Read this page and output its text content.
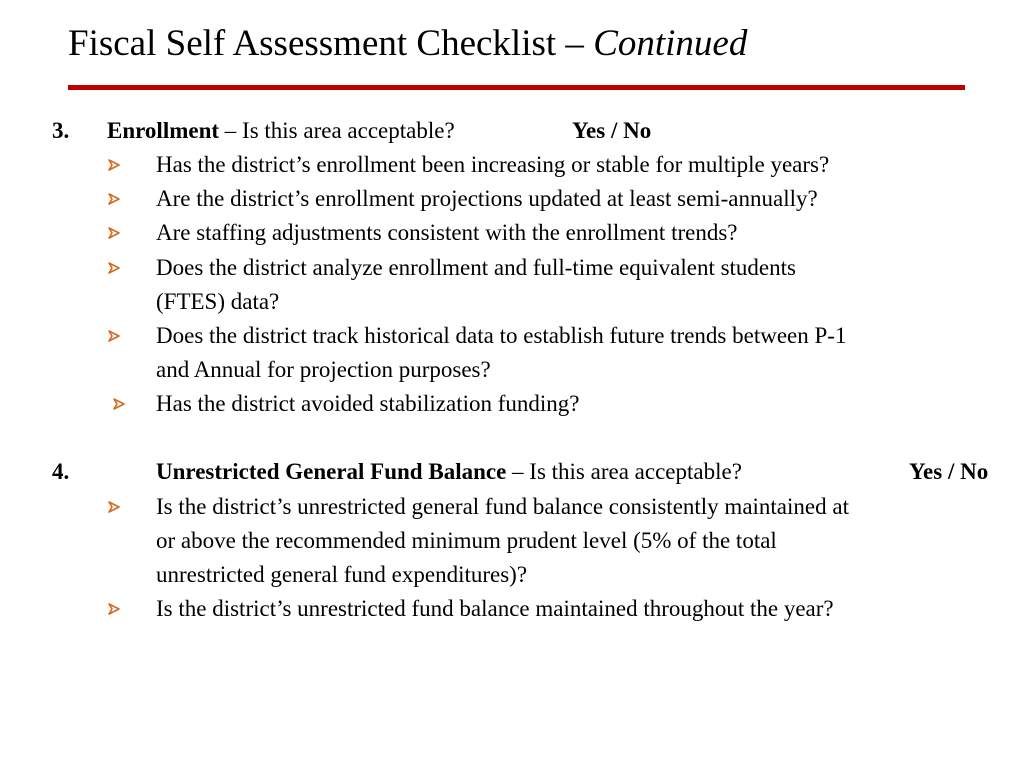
Fiscal Self Assessment Checklist – Continued
3. Enrollment – Is this area acceptable?	Yes / No
Has the district’s enrollment been increasing or stable for multiple years?
Are the district’s enrollment projections updated at least semi-annually?
Are staffing adjustments consistent with the enrollment trends?
Does the district analyze enrollment and full-time equivalent students
(FTES) data?
Does the district track historical data to establish future trends between P-1
and Annual for projection purposes?
Has the district avoided stabilization funding?
4.	Unrestricted General Fund Balance – Is this area acceptable?	Yes / No
Is the district’s unrestricted general fund balance consistently maintained at
or above the recommended minimum prudent level (5% of the total
unrestricted general fund expenditures)?
Is the district’s unrestricted fund balance maintained throughout the year?
